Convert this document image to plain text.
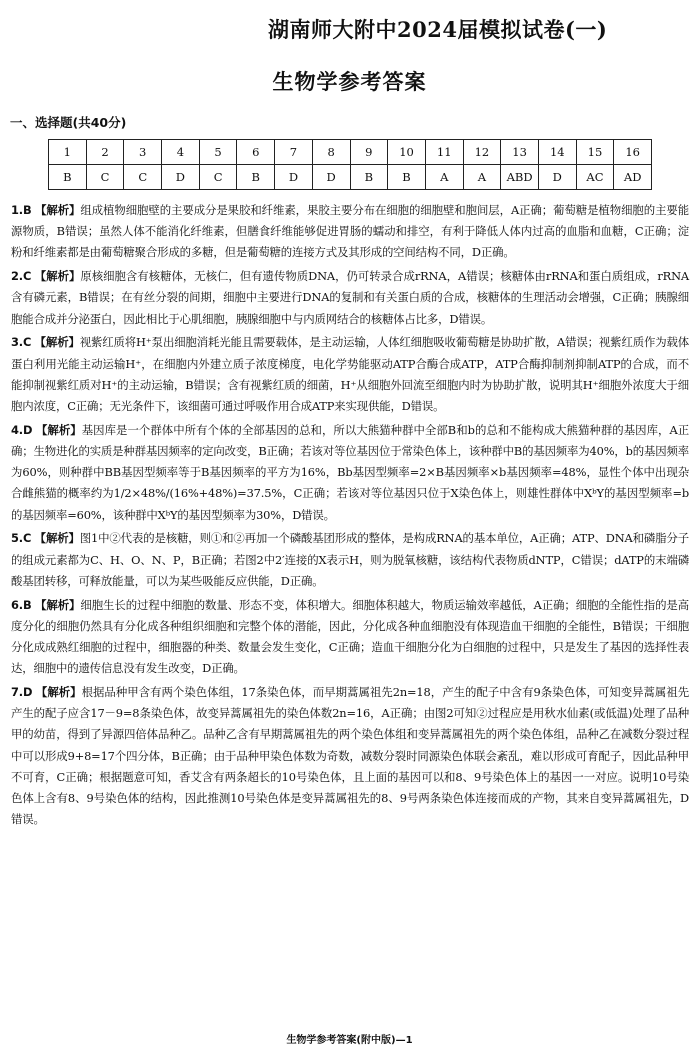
湖南师大附中2024届模拟试卷(一)
生物学参考答案
一、选择题(共40分)
1	2	3	4	5	6	7	8	9	10	11	12	13	14	15	16
B	C	C	D	C	B	D	D	B	B	A	A	ABD	D	AC	AD

1.B 【解析】组成植物细胞壁的主要成分是果胶和纤维素，果胶主要分布在细胞的细胞壁和胞间层，A正确；葡萄糖是植物细胞的主要能源物质，B错误；虽然人体不能消化纤维素，但膳食纤维能够促进胃肠的蠕动和排空，有利于降低人体内过高的血脂和血糖，C正确；淀粉和纤维素都是由葡萄糖聚合形成的多糖，但是葡萄糖的连接方式及其形成的空间结构不同，D正确。

2.C 【解析】原核细胞含有核糖体，无核仁，但有遗传物质DNA，仍可转录合成rRNA，A错误；核糖体由rRNA和蛋白质组成，rRNA含有磷元素，B错误；在有丝分裂的间期，细胞中主要进行DNA的复制和有关蛋白质的合成，核糖体的生理活动会增强，C正确；胰腺细胞能合成并分泌蛋白，因此相比于心肌细胞，胰腺细胞中与内质网结合的核糖体占比多，D错误。

3.C 【解析】视紫红质将H⁺泵出细胞消耗光能且需要载体，是主动运输，人体红细胞吸收葡萄糖是协助扩散，A错误；视紫红质作为载体蛋白利用光能主动运输H⁺，在细胞内外建立质子浓度梯度，电化学势能驱动ATP合酶合成ATP，ATP合酶抑制剂抑制ATP的合成，而不能抑制视紫红质对H⁺的主动运输，B错误；含有视紫红质的细菌，H⁺从细胞外回流至细胞内时为协助扩散，说明其H⁺细胞外浓度大于细胞内浓度，C正确；无光条件下，该细菌可通过呼吸作用合成ATP来实现供能，D错误。

4.D 【解析】基因库是一个群体中所有个体的全部基因的总和，所以大熊猫种群中全部B和b的总和不能构成大熊猫种群的基因库，A正确；生物进化的实质是种群基因频率的定向改变，B正确；若该对等位基因位于常染色体上，该种群中B的基因频率为40%，b的基因频率为60%，则种群中BB基因型频率等于B基因频率的平方为16%，Bb基因型频率=2×B基因频率×b基因频率=48%，显性个体中出现杂合雌熊猫的概率约为1/2×48%/(16%+48%)=37.5%，C正确；若该对等位基因只位于X染色体上，则雄性群体中XᵇY的基因型频率=b的基因频率=60%，该种群中XᵇY的基因型频率为30%，D错误。

5.C 【解析】图1中②代表的是核糖，则①和②再加一个磷酸基团形成的整体，是构成RNA的基本单位，A正确；ATP、DNA和磷脂分子的组成元素都为C、H、O、N、P，B正确；若图2中2′连接的X表示H，则为脱氧核糖，该结构代表物质dNTP，C错误；dATP的末端磷酸基团转移，可释放能量，可以为某些吸能反应供能，D正确。

6.B 【解析】细胞生长的过程中细胞的数量、形态不变，体积增大。细胞体积越大，物质运输效率越低，A正确；细胞的全能性指的是高度分化的细胞仍然具有分化成各种组织细胞和完整个体的潜能，因此，分化成各种血细胞没有体现造血干细胞的全能性，B错误；干细胞分化成成熟红细胞的过程中，细胞器的种类、数量会发生变化，C正确；造血干细胞分化为白细胞的过程中，只是发生了基因的选择性表达，细胞中的遗传信息没有发生改变，D正确。

7.D 【解析】根据品种甲含有两个染色体组，17条染色体，而早期蒿属祖先2n=18，产生的配子中含有9条染色体，可知变异蒿属祖先产生的配子应含17－9=8条染色体，故变异蒿属祖先的染色体数2n=16，A正确；由图2可知②过程应是用秋水仙素(或低温)处理了品种甲的幼苗，得到了异源四倍体品种乙。品种乙含有早期蒿属祖先的两个染色体组和变异蒿属祖先的两个染色体组，品种乙在减数分裂过程中可以形成9+8=17个四分体，B正确；由于品种甲染色体数为奇数，减数分裂时同源染色体联会紊乱，难以形成可育配子，因此品种甲不可育，C正确；根据题意可知，香艾含有两条超长的10号染色体，且上面的基因可以和8、9号染色体上的基因一一对应。说明10号染色体上含有8、9号染色体的结构，因此推测10号染色体是变异蒿属祖先的8、9号两条染色体连接而成的产物，其来自变异蒿属祖先，D错误。

生物学参考答案(附中版)—1
